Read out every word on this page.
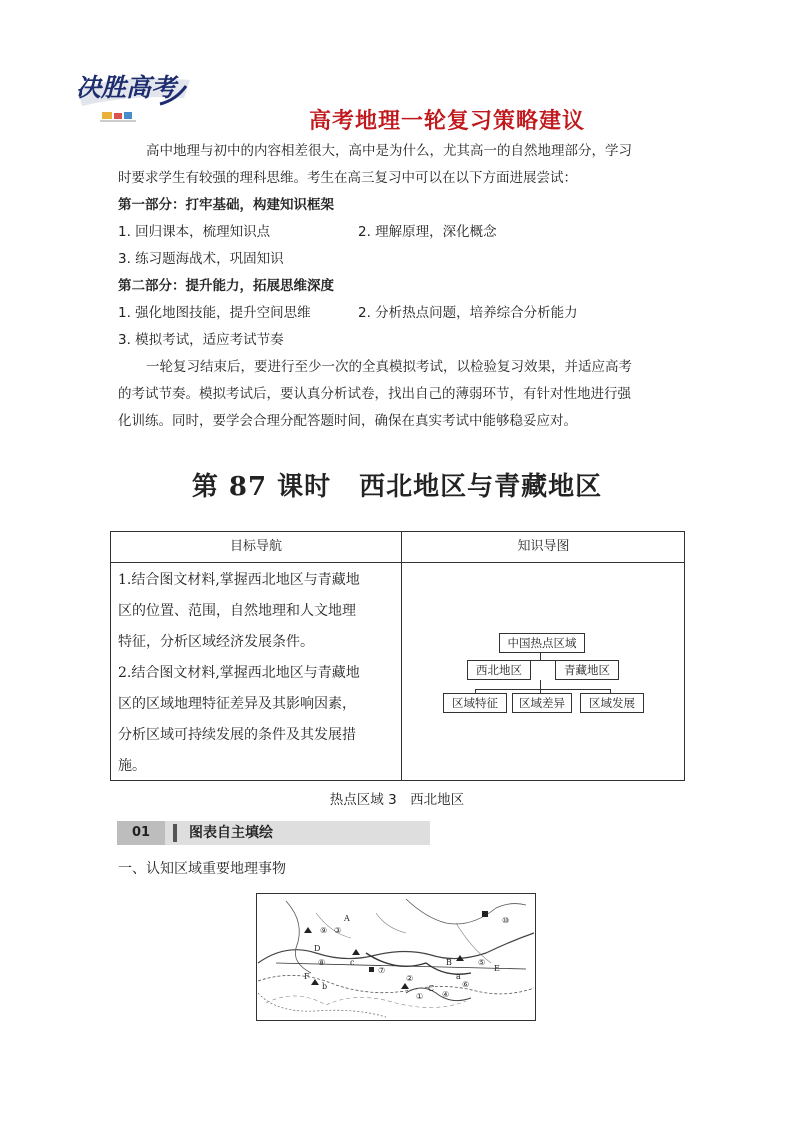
决胜高考
高考地理一轮复习策略建议
高中地理与初中的内容相差很大，高中是为什么，尤其高一的自然地理部分，学习
时要求学生有较强的理科思维。考生在高三复习中可以在以下方面进展尝试：
第一部分：打牢基础，构建知识框架
1. 回归课本，梳理知识点	2. 理解原理，深化概念
3. 练习题海战术，巩固知识
第二部分：提升能力，拓展思维深度
1. 强化地图技能，提升空间思维	2. 分析热点问题，培养综合分析能力
3. 模拟考试，适应考试节奏
一轮复习结束后，要进行至少一次的全真模拟考试，以检验复习效果，并适应高考
的考试节奏。模拟考试后，要认真分析试卷，找出自己的薄弱环节，有针对性地进行强
化训练。同时，要学会合理分配答题时间，确保在真实考试中能够稳妥应对。
第 87 课时 西北地区与青藏地区
目标导航	知识导图
1.结合图文材料,掌握西北地区与青藏地
区的位置、范围，自然地理和人文地理
特征，分析区域经济发展条件。
2.结合图文材料,掌握西北地区与青藏地
区的区域地理特征差异及其影响因素，
分析区域可持续发展的条件及其发展措
施。
中国热点区域
西北地区	青藏地区
区域特征	区域差异	区域发展
热点区域 3　西北地区
01	图表自主填绘
一、认知区域重要地理事物
A
B
C
D
E
F	a
b
c
①
②
③
④
⑤
⑥
⑦
⑧
⑨
⑩
